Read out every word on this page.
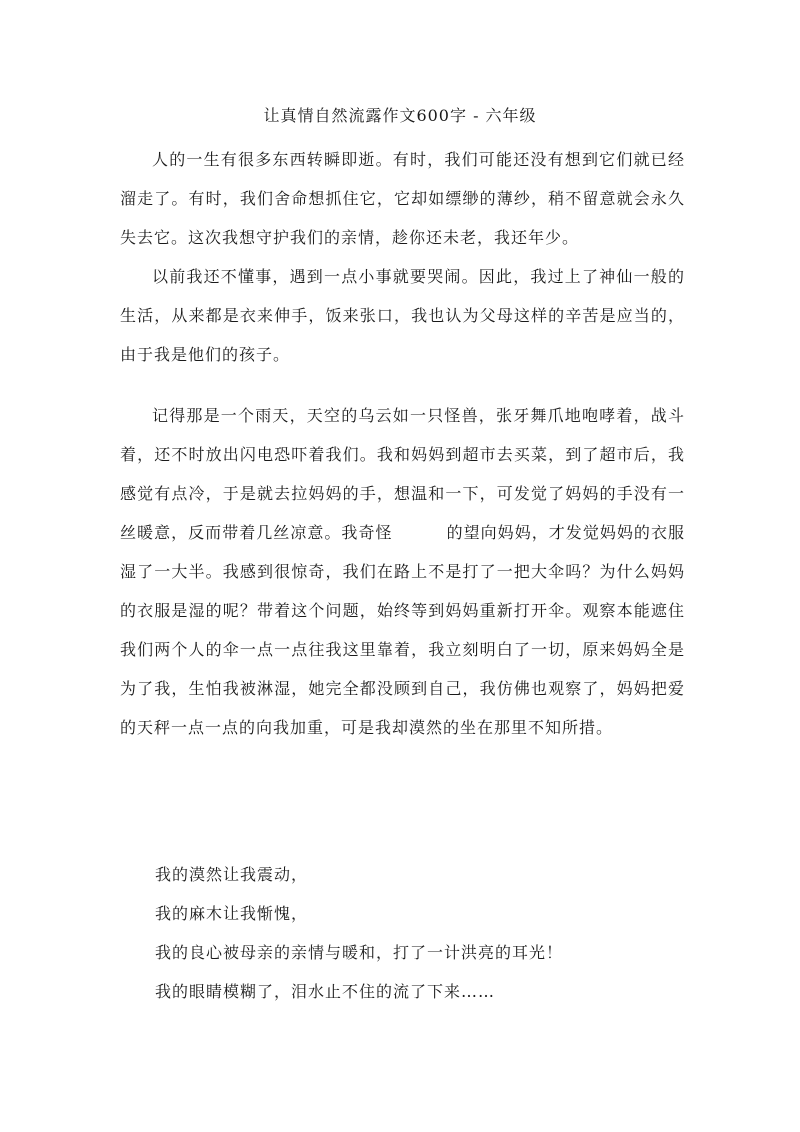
让真情自然流露作文600字 - 六年级

人的一生有很多东西转瞬即逝。有时，我们可能还没有想到它们就已经溜走了。有时，我们舍命想抓住它，它却如缥缈的薄纱，稍不留意就会永久失去它。这次我想守护我们的亲情，趁你还未老，我还年少。

以前我还不懂事，遇到一点小事就要哭闹。因此，我过上了神仙一般的生活，从来都是衣来伸手，饭来张口，我也认为父母这样的辛苦是应当的，由于我是他们的孩子。

记得那是一个雨天，天空的乌云如一只怪兽，张牙舞爪地咆哮着，战斗着，还不时放出闪电恐吓着我们。我和妈妈到超市去买菜，到了超市后，我感觉有点冷，于是就去拉妈妈的手，想温和一下，可发觉了妈妈的手没有一丝暖意，反而带着几丝凉意。我奇怪	的望向妈妈，才发觉妈妈的衣服湿了一大半。我感到很惊奇，我们在路上不是打了一把大伞吗？为什么妈妈的衣服是湿的呢？带着这个问题，始终等到妈妈重新打开伞。观察本能遮住我们两个人的伞一点一点往我这里靠着，我立刻明白了一切，原来妈妈全是为了我，生怕我被淋湿，她完全都没顾到自己，我仿佛也观察了，妈妈把爱的天秤一点一点的向我加重，可是我却漠然的坐在那里不知所措。

我的漠然让我震动，
我的麻木让我惭愧，
我的良心被母亲的亲情与暖和，打了一计洪亮的耳光！
我的眼睛模糊了，泪水止不住的流了下来……
